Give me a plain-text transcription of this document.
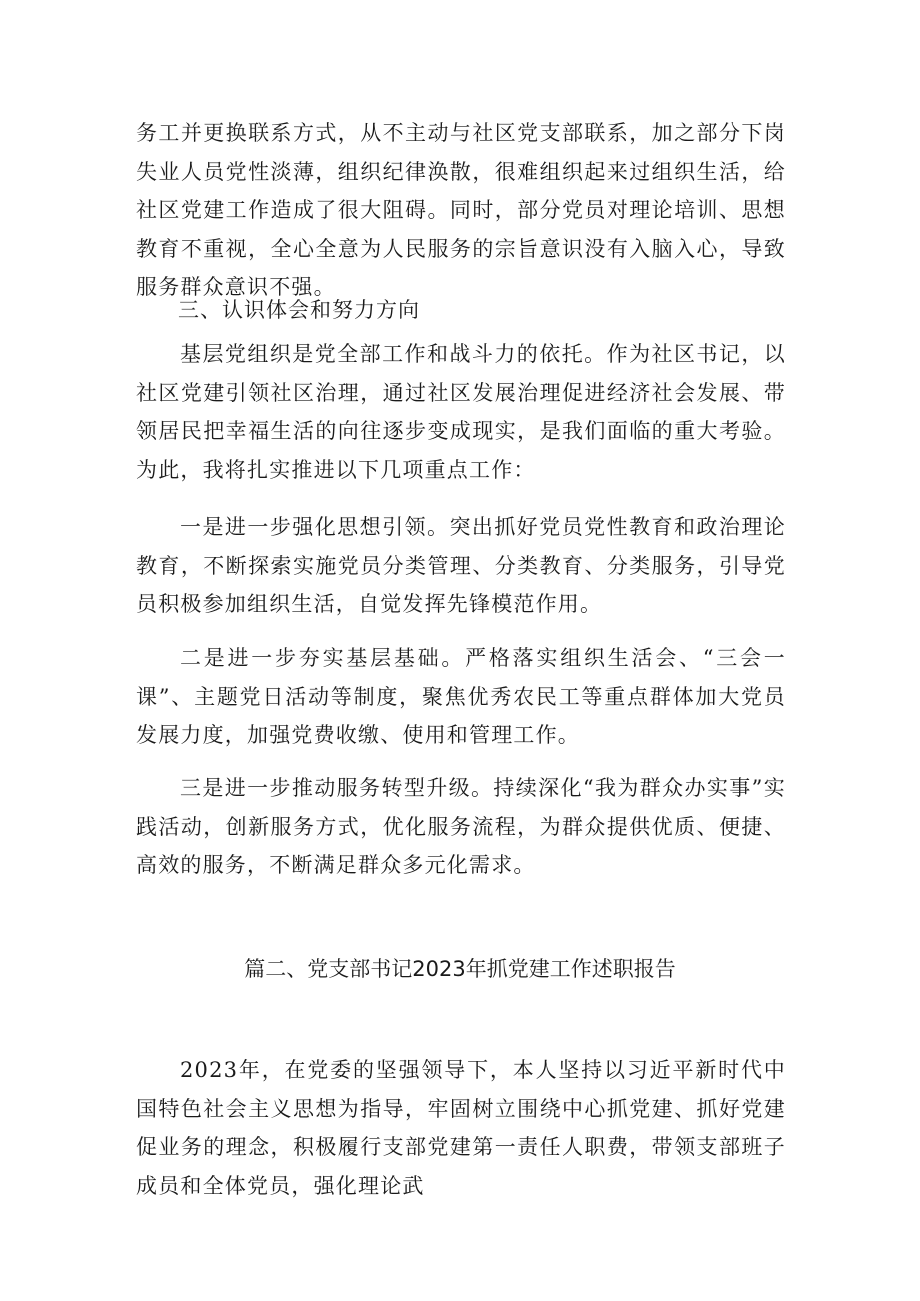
务工并更换联系方式，从不主动与社区党支部联系，加之部分下岗失业人员党性淡薄，组织纪律涣散，很难组织起来过组织生活，给社区党建工作造成了很大阻碍。同时，部分党员对理论培训、思想教育不重视，全心全意为人民服务的宗旨意识没有入脑入心，导致服务群众意识不强。

三、认识体会和努力方向

基层党组织是党全部工作和战斗力的依托。作为社区书记，以社区党建引领社区治理，通过社区发展治理促进经济社会发展、带领居民把幸福生活的向往逐步变成现实，是我们面临的重大考验。为此，我将扎实推进以下几项重点工作：

一是进一步强化思想引领。突出抓好党员党性教育和政治理论教育，不断探索实施党员分类管理、分类教育、分类服务，引导党员积极参加组织生活，自觉发挥先锋模范作用。

二是进一步夯实基层基础。严格落实组织生活会、“三会一课”、主题党日活动等制度，聚焦优秀农民工等重点群体加大党员发展力度，加强党费收缴、使用和管理工作。

三是进一步推动服务转型升级。持续深化“我为群众办实事”实践活动，创新服务方式，优化服务流程，为群众提供优质、便捷、高效的服务，不断满足群众多元化需求。

篇二、党支部书记2023年抓党建工作述职报告

2023年，在党委的坚强领导下，本人坚持以习近平新时代中国特色社会主义思想为指导，牢固树立围绕中心抓党建、抓好党建促业务的理念，积极履行支部党建第一责任人职费，带领支部班子成员和全体党员，强化理论武
